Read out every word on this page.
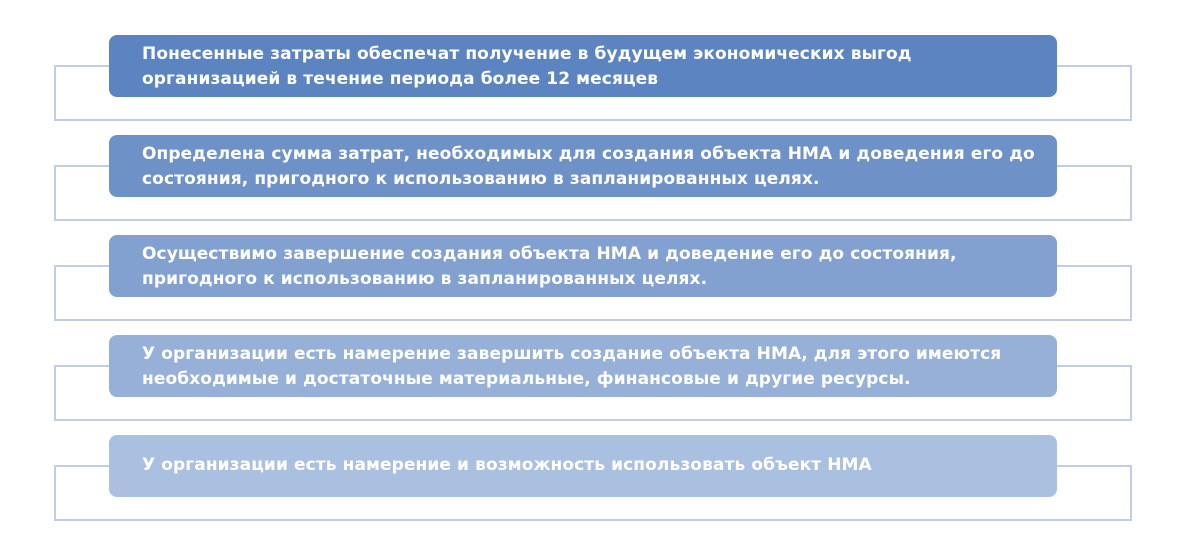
Понесенные затраты обеспечат получение в будущем экономических выгод организацией в течение периода более 12 месяцев
Определена сумма затрат, необходимых для создания объекта НМА и доведения его до состояния, пригодного к использованию в запланированных целях.
Осуществимо завершение создания объекта НМА и доведение его до состояния, пригодного к использованию в запланированных целях.
У организации есть намерение завершить создание объекта НМА, для этого имеются необходимые и достаточные материальные, финансовые и другие ресурсы.
У организации есть намерение и возможность использовать объект НМА
